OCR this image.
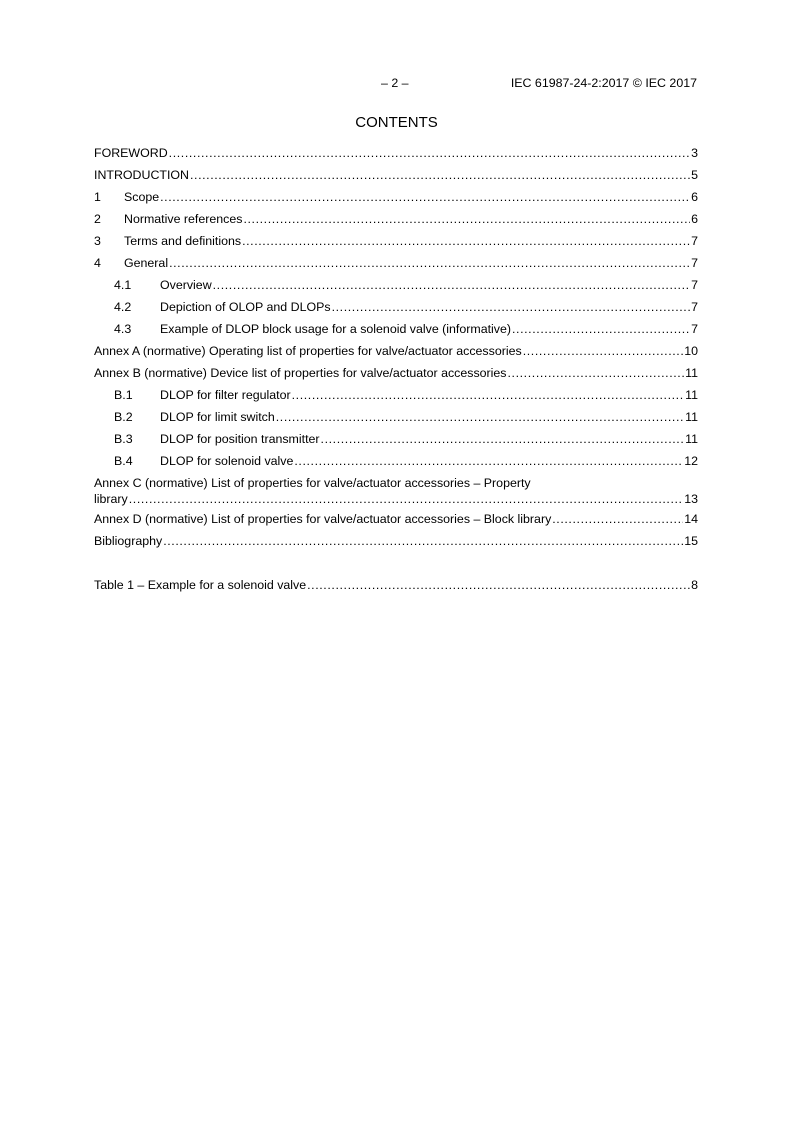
– 2 –	IEC 61987-24-2:2017 © IEC 2017
CONTENTS
FOREWORD .....	3
INTRODUCTION .....	5
1	Scope .....	6
2	Normative references .....	6
3	Terms and definitions .....	7
4	General .....	7
4.1	Overview .....	7
4.2	Depiction of OLOP and DLOPs .....	7
4.3	Example of DLOP block usage for a solenoid valve (informative) .....	7
Annex A (normative) Operating list of properties for valve/actuator accessories .....	10
Annex B (normative) Device list of properties for valve/actuator accessories .....	11
B.1	DLOP for filter regulator .....	11
B.2	DLOP for limit switch .....	11
B.3	DLOP for position transmitter .....	11
B.4	DLOP for solenoid valve .....	12
Annex C (normative) List of properties for valve/actuator accessories – Property
library .....	13
Annex D (normative) List of properties for valve/actuator accessories – Block library .....	14
Bibliography .....	15
Table 1 – Example for a solenoid valve .....	8
